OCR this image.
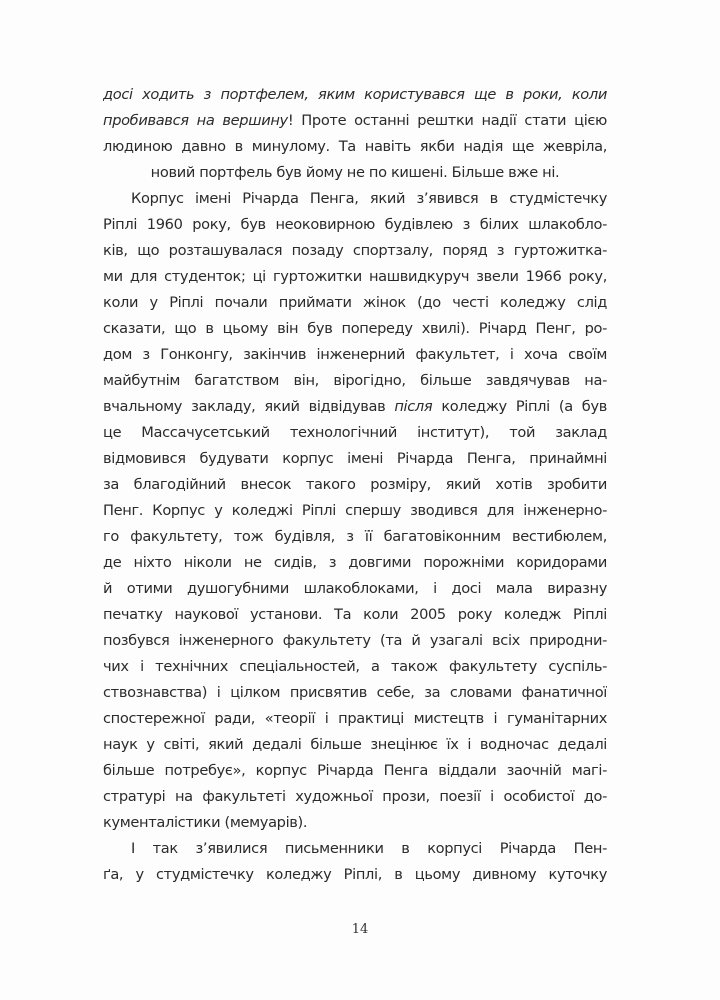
досі ходить з портфелем, яким користувався ще в роки, коли
пробивався на вершину! Проте останні рештки надії стати цією
людиною давно в минулому. Та навіть якби надія ще жевріла,
новий портфель був йому не по кишені. Більше вже ні.
Корпус імені Річарда Пенга, який з’явився в студмістечку
Ріплі 1960 року, був неоковирною будівлею з білих шлакобло-
ків, що розташувалася позаду спортзалу, поряд з гуртожитка-
ми для студенток; ці гуртожитки нашвидкуруч звели 1966 року,
коли у Ріплі почали приймати жінок (до честі коледжу слід
сказати, що в цьому він був попереду хвилі). Річард Пенг, ро-
дом з Гонконгу, закінчив інженерний факультет, і хоча своїм
майбутнім багатством він, вірогідно, більше завдячував на-
вчальному закладу, який відвідував після коледжу Ріплі (а був
це Массачусетський технологічний інститут), той заклад
відмовився будувати корпус імені Річарда Пенга, принаймні
за благодійний внесок такого розміру, який хотів зробити
Пенг. Корпус у коледжі Ріплі спершу зводився для інженерно-
го факультету, тож будівля, з її багатовіконним вестибюлем,
де ніхто ніколи не сидів, з довгими порожніми коридорами
й отими душогубними шлакоблоками, і досі мала виразну
печатку наукової установи. Та коли 2005 року коледж Ріплі
позбувся інженерного факультету (та й узагалі всіх природни-
чих і технічних спеціальностей, а також факультету суспіль-
ствознавства) і цілком присвятив себе, за словами фанатичної
спостережної ради, «теорії і практиці мистецтв і гуманітарних
наук у світі, який дедалі більше знецінює їх і водночас дедалі
більше потребує», корпус Річарда Пенга віддали заочній магі-
стратурі на факультеті художньої прози, поезії і особистої до-
кументалістики (мемуарів).
І так з’явилися письменники в корпусі Річарда Пен-
ґа, у студмістечку коледжу Ріплі, в цьому дивному куточку
14
